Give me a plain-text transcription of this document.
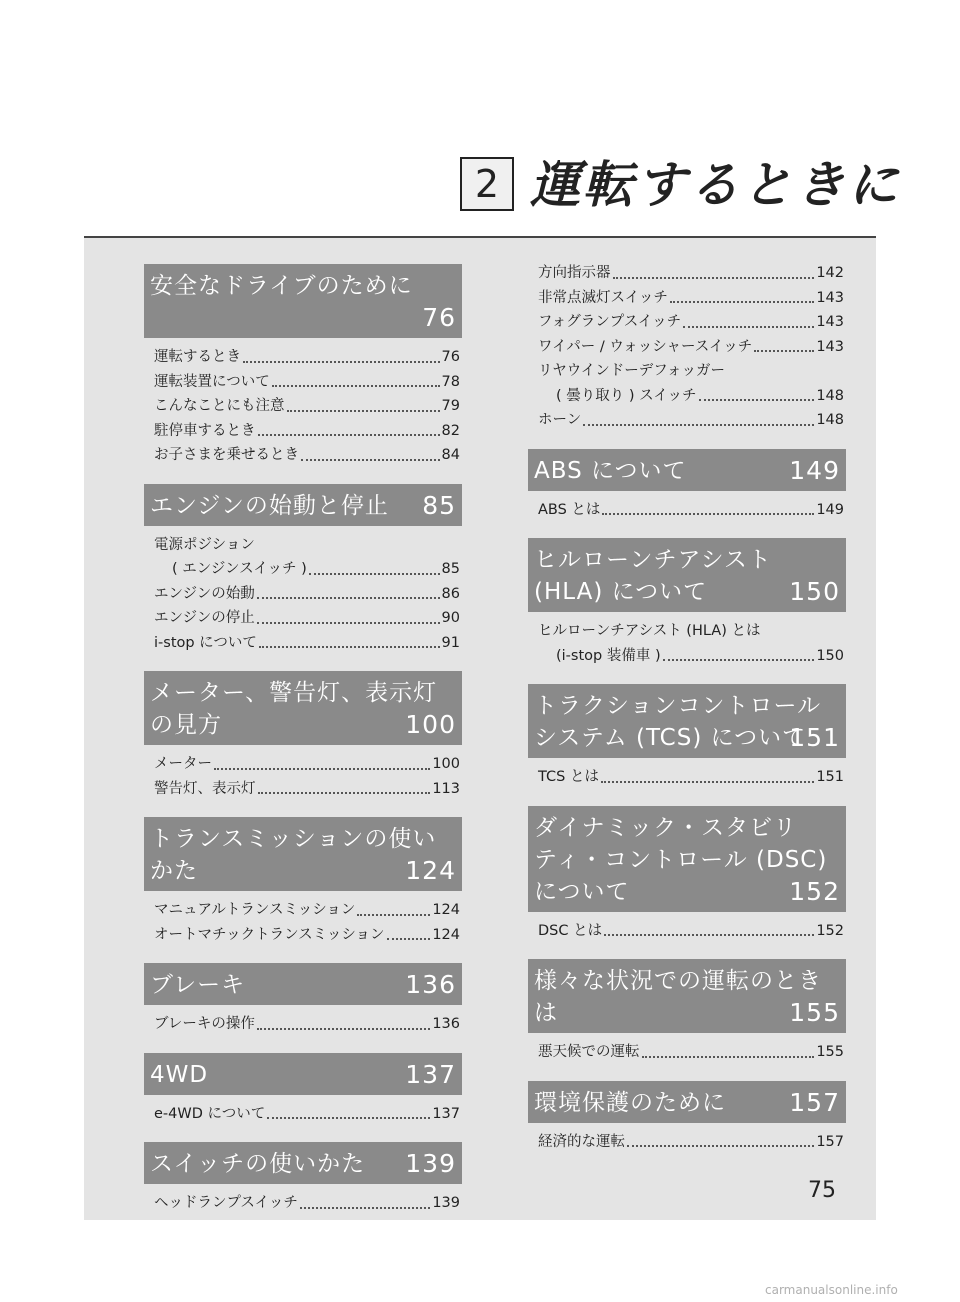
2 運転するときに
安全なドライブのために
76
運転するとき	76
運転装置について	78
こんなことにも注意	79
駐停車するとき	82
お子さまを乗せるとき	84
エンジンの始動と停止	85
電源ポジション
( エンジンスイッチ )	85
エンジンの始動	86
エンジンの停止	90
i-stop について	91
メーター、警告灯、表示灯
の見方	100
メーター	100
警告灯、表示灯	113
トランスミッションの使い
かた	124
マニュアルトランスミッション	124
オートマチックトランスミッション	124
ブレーキ	136
ブレーキの操作	136
4WD	137
e-4WD について	137
スイッチの使いかた	139
ヘッドランプスイッチ	139
方向指示器	142
非常点滅灯スイッチ	143
フォグランプスイッチ	143
ワイパー / ウォッシャースイッチ	143
リヤウインドーデフォッガー
( 曇り取り ) スイッチ	148
ホーン	148
ABS について	149
ABS とは	149
ヒルローンチアシスト
(HLA) について	150
ヒルローンチアシスト (HLA) とは
(i-stop 装備車 )	150
トラクションコントロール
システム (TCS) について

151
TCS とは	151
ダイナミック・スタビリ
ティ・コントロール (DSC)
について	152
DSC とは	152
様々な状況での運転のとき
は	155
悪天候での運転	155
環境保護のために	157
経済的な運転	157
75
carmanualsonline.info
